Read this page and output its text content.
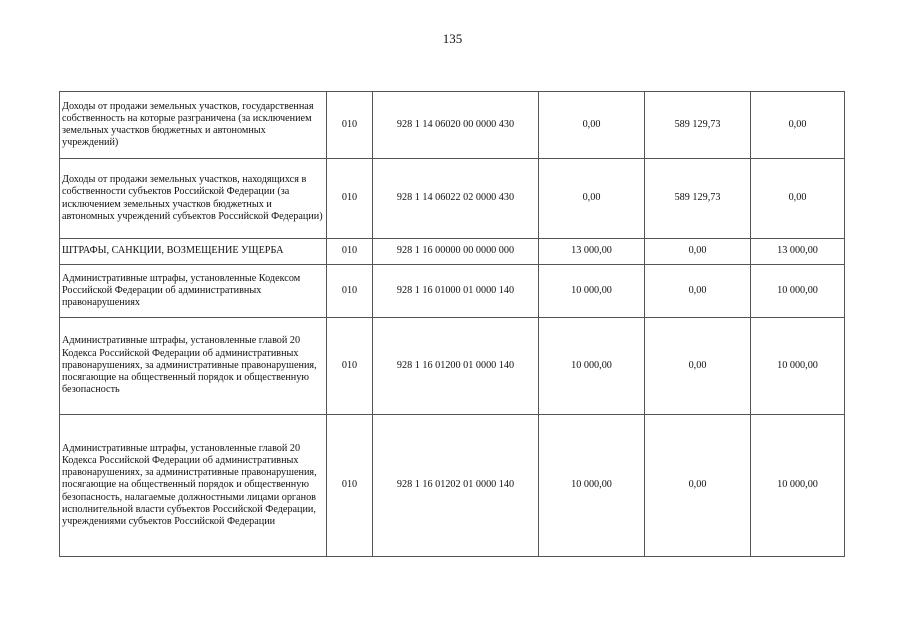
135
Доходы от продажи земельных участков, государственная собственность на которые разграничена (за исключением земельных участков бюджетных и автономных учреждений)	010	928 1 14 06020 00 0000 430	0,00	589 129,73	0,00
Доходы от продажи земельных участков, находящихся в собственности субъектов Российской Федерации (за исключением земельных участков бюджетных и автономных учреждений субъектов Российской Федерации)	010	928 1 14 06022 02 0000 430	0,00	589 129,73	0,00
ШТРАФЫ, САНКЦИИ, ВОЗМЕЩЕНИЕ УЩЕРБА	010	928 1 16 00000 00 0000 000	13 000,00	0,00	13 000,00
Административные штрафы, установленные Кодексом Российской Федерации об административных правонарушениях	010	928 1 16 01000 01 0000 140	10 000,00	0,00	10 000,00
Административные штрафы, установленные главой 20 Кодекса Российской Федерации об административных правонарушениях, за административные правонарушения, посягающие на общественный порядок и общественную безопасность	010	928 1 16 01200 01 0000 140	10 000,00	0,00	10 000,00
Административные штрафы, установленные главой 20 Кодекса Российской Федерации об административных правонарушениях, за административные правонарушения, посягающие на общественный порядок и общественную безопасность, налагаемые должностными лицами органов исполнительной власти субъектов Российской Федерации, учреждениями субъектов Российской Федерации	010	928 1 16 01202 01 0000 140	10 000,00	0,00	10 000,00
